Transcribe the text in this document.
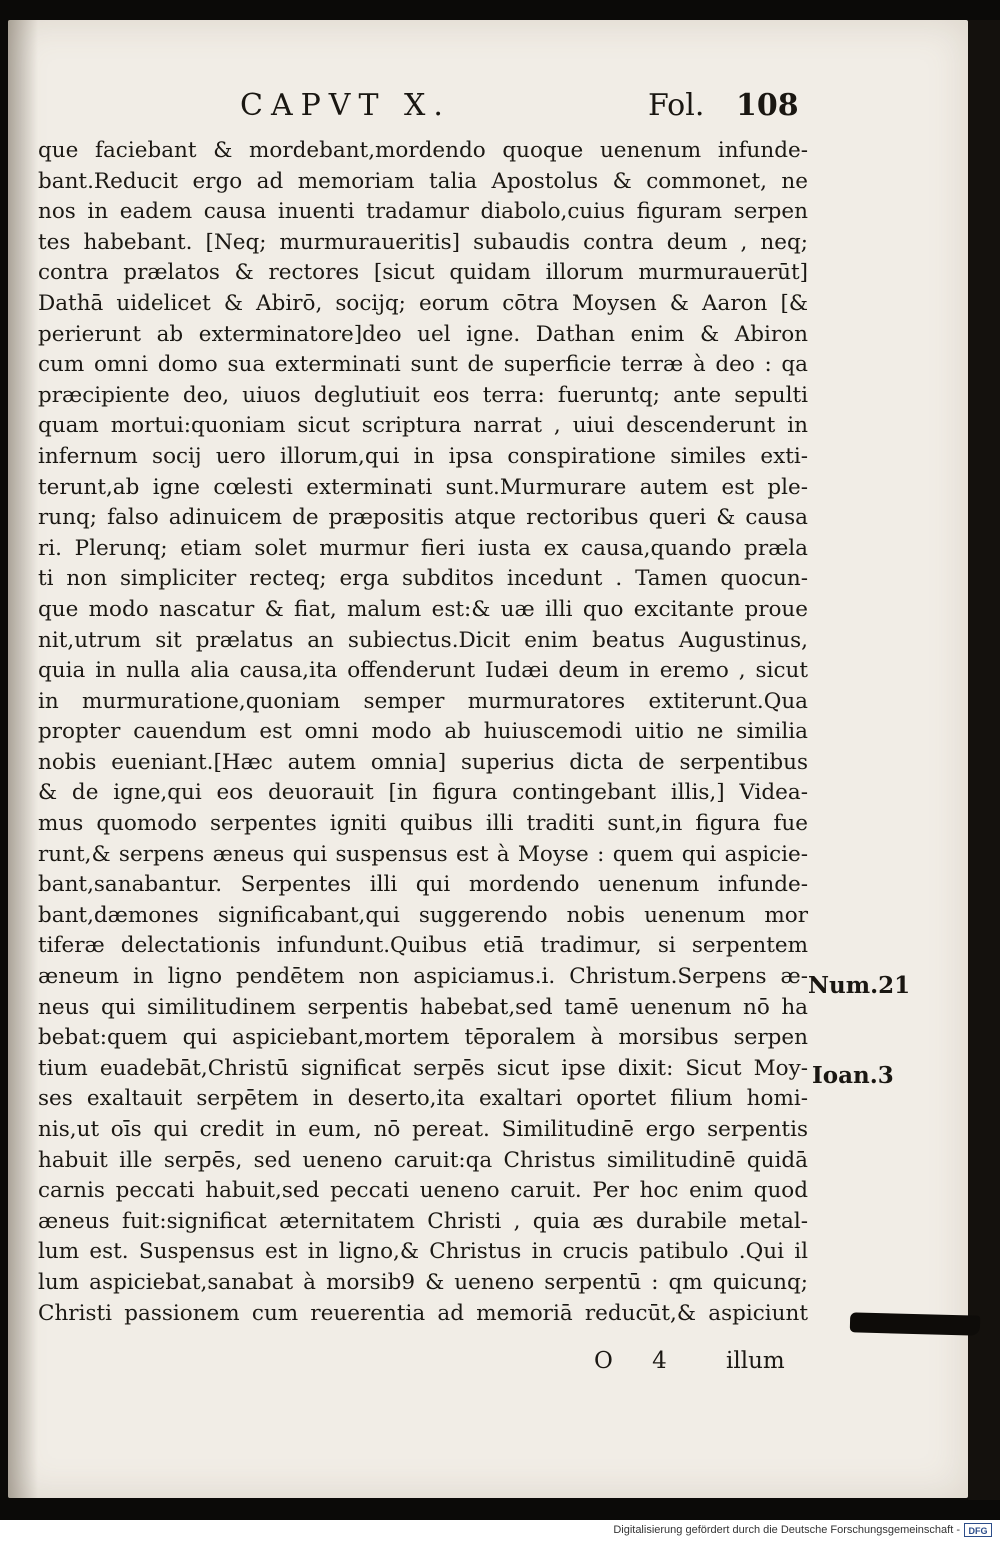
CAPVT X.	Fol. 108
que faciebant & mordebant,mordendo quoque uenenum infunde-
bant.Reducit ergo ad memoriam talia Apostolus & commonet, ne
nos in eadem causa inuenti tradamur diabolo,cuius figuram serpen
tes habebant. [Neq; murmuraueritis] subaudis contra deum , neq;
contra prælatos & rectores [sicut quidam illorum murmurauerūt]
Dathā uidelicet & Abirō, socijq; eorum cōtra Moysen & Aaron [&
perierunt ab exterminatore]deo uel igne. Dathan enim & Abiron
cum omni domo sua exterminati sunt de superficie terræ à deo : qa
præcipiente deo, uiuos deglutiuit eos terra: fueruntq; ante sepulti
quam mortui:quoniam sicut scriptura narrat , uiui descenderunt in
infernum socij uero illorum,qui in ipsa conspiratione similes exti-
terunt,ab igne cœlesti exterminati sunt.Murmurare autem est ple-
runq; falso adinuicem de præpositis atque rectoribus queri & causa
ri. Plerunq; etiam solet murmur fieri iusta ex causa,quando præla
ti non simpliciter recteq; erga subditos incedunt . Tamen quocun-
que modo nascatur & fiat, malum est:& uæ illi quo excitante proue
nit,utrum sit prælatus an subiectus.Dicit enim beatus Augustinus,
quia in nulla alia causa,ita offenderunt Iudæi deum in eremo , sicut
in murmuratione,quoniam semper murmuratores extiterunt.Qua
propter cauendum est omni modo ab huiuscemodi uitio ne similia
nobis eueniant.[Hæc autem omnia] superius dicta de serpentibus
& de igne,qui eos deuorauit [in figura contingebant illis,] Videa-
mus quomodo serpentes igniti quibus illi traditi sunt,in figura fue
runt,& serpens æneus qui suspensus est à Moyse : quem qui aspicie-
bant,sanabantur. Serpentes illi qui mordendo uenenum infunde-
bant,dæmones significabant,qui suggerendo nobis uenenum mor
tiferæ delectationis infundunt.Quibus etiā tradimur, si serpentem
æneum in ligno pendētem non aspiciamus.i. Christum.Serpens æ-
neus qui similitudinem serpentis habebat,sed tamē uenenum nō ha
bebat:quem qui aspiciebant,mortem tēporalem à morsibus serpen
tium euadebāt,Christū significat serpēs sicut ipse dixit: Sicut Moy-
ses exaltauit serpētem in deserto,ita exaltari oportet filium homi-
nis,ut oīs qui credit in eum, nō pereat. Similitudinē ergo serpentis
habuit ille serpēs, sed ueneno caruit:qa Christus similitudinē quidā
carnis peccati habuit,sed peccati ueneno caruit. Per hoc enim quod
æneus fuit:significat æternitatem Christi , quia æs durabile metal-
lum est. Suspensus est in ligno,& Christus in crucis patibulo .Qui il
lum aspiciebat,sanabat à morsib9 & ueneno serpentū : qm quicunq;
Christi passionem cum reuerentia ad memoriā reducūt,& aspiciunt
Num.21
Ioan.3
O 4 illum
Digitalisierung gefördert durch die Deutsche Forschungsgemeinschaft - DFG
